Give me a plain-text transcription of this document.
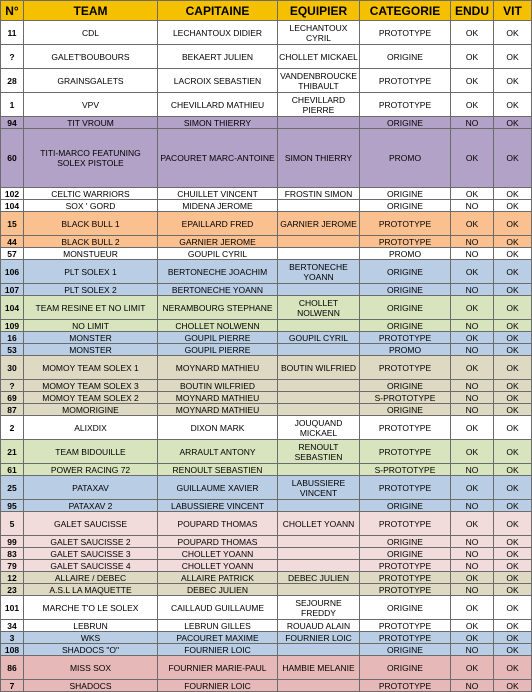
N°	TEAM	CAPITAINE	EQUIPIER	CATEGORIE	ENDU	VIT
11	CDL	LECHANTOUX DIDIER	LECHANTOUX CYRIL	PROTOTYPE	OK	OK
?	GALET'BOUBOURS	BEKAERT JULIEN	CHOLLET MICKAEL	ORIGINE	OK	OK
28	GRAINSGALETS	LACROIX SEBASTIEN	VANDENBROUCKE THIBAULT	PROTOTYPE	OK	OK
1	VPV	CHEVILLARD MATHIEU	CHEVILLARD PIERRE	PROTOTYPE	OK	OK
94	TIT VROUM	SIMON THIERRY		ORIGINE	NO	OK
60	TITI-MARCO FEATUNING SOLEX PISTOLE	PACOURET MARC-ANTOINE	SIMON THIERRY	PROMO	OK	OK
102	CELTIC WARRIORS	CHUILLET VINCENT	FROSTIN SIMON	ORIGINE	OK	OK
104	SOX ' GORD	MIDENA JEROME		ORIGINE	NO	OK
15	BLACK BULL 1	EPAILLARD FRED	GARNIER JEROME	PROTOTYPE	OK	OK
44	BLACK BULL 2	GARNIER JEROME		PROTOTYPE	NO	OK
57	MONSTUEUR	GOUPIL CYRIL		PROMO	NO	OK
106	PLT SOLEX 1	BERTONECHE JOACHIM	BERTONECHE YOANN	ORIGINE	OK	OK
107	PLT SOLEX 2	BERTONECHE YOANN		ORIGINE	NO	OK
104	TEAM RESINE ET NO LIMIT	NERAMBOURG STEPHANE	CHOLLET NOLWENN	ORIGINE	OK	OK
109	NO LIMIT	CHOLLET NOLWENN		ORIGINE	NO	OK
16	MONSTER	GOUPIL PIERRE	GOUPIL CYRIL	PROTOTYPE	OK	OK
53	MONSTER	GOUPIL PIERRE		PROMO	NO	OK
30	MOMOY TEAM SOLEX 1	MOYNARD MATHIEU	BOUTIN WILFRIED	PROTOTYPE	OK	OK
?	MOMOY TEAM SOLEX 3	BOUTIN WILFRIED		ORIGINE	NO	OK
69	MOMOY TEAM SOLEX 2	MOYNARD MATHIEU		S-PROTOTYPE	NO	OK
87	MOMORIGINE	MOYNARD MATHIEU		ORIGINE	NO	OK
2	ALIXDIX	DIXON MARK	JOUQUAND MICKAEL	PROTOTYPE	OK	OK
21	TEAM BIDOUILLE	ARRAULT ANTONY	RENOULT SEBASTIEN	PROTOTYPE	OK	OK
61	POWER RACING 72	RENOULT SEBASTIEN		S-PROTOTYPE	NO	OK
25	PATAXAV	GUILLAUME XAVIER	LABUSSIERE VINCENT	PROTOTYPE	OK	OK
95	PATAXAV 2	LABUSSIERE VINCENT		ORIGINE	NO	OK
5	GALET SAUCISSE	POUPARD THOMAS	CHOLLET YOANN	PROTOTYPE	OK	OK
99	GALET SAUCISSE 2	POUPARD THOMAS		ORIGINE	NO	OK
83	GALET SAUCISSE 3	CHOLLET YOANN		ORIGINE	NO	OK
79	GALET SAUCISSE 4	CHOLLET YOANN		PROTOTYPE	NO	OK
12	ALLAIRE / DEBEC	ALLAIRE PATRICK	DEBEC JULIEN	PROTOTYPE	OK	OK
23	A.S.L LA MAQUETTE	DEBEC JULIEN		PROTOTYPE	NO	OK
101	MARCHE T'O LE SOLEX	CAILLAUD GUILLAUME	SEJOURNE FREDDY	ORIGINE	OK	OK
34	LEBRUN	LEBRUN GILLES	ROUAUD ALAIN	PROTOTYPE	OK	OK
3	WKS	PACOURET MAXIME	FOURNIER LOIC	PROTOTYPE	OK	OK
108	SHADOCS "O"	FOURNIER LOIC		ORIGINE	NO	OK
86	MISS SOX	FOURNIER MARIE-PAUL	HAMBIE MELANIE	ORIGINE	OK	OK
7	SHADOCS	FOURNIER LOIC		PROTOTYPE	NO	OK
